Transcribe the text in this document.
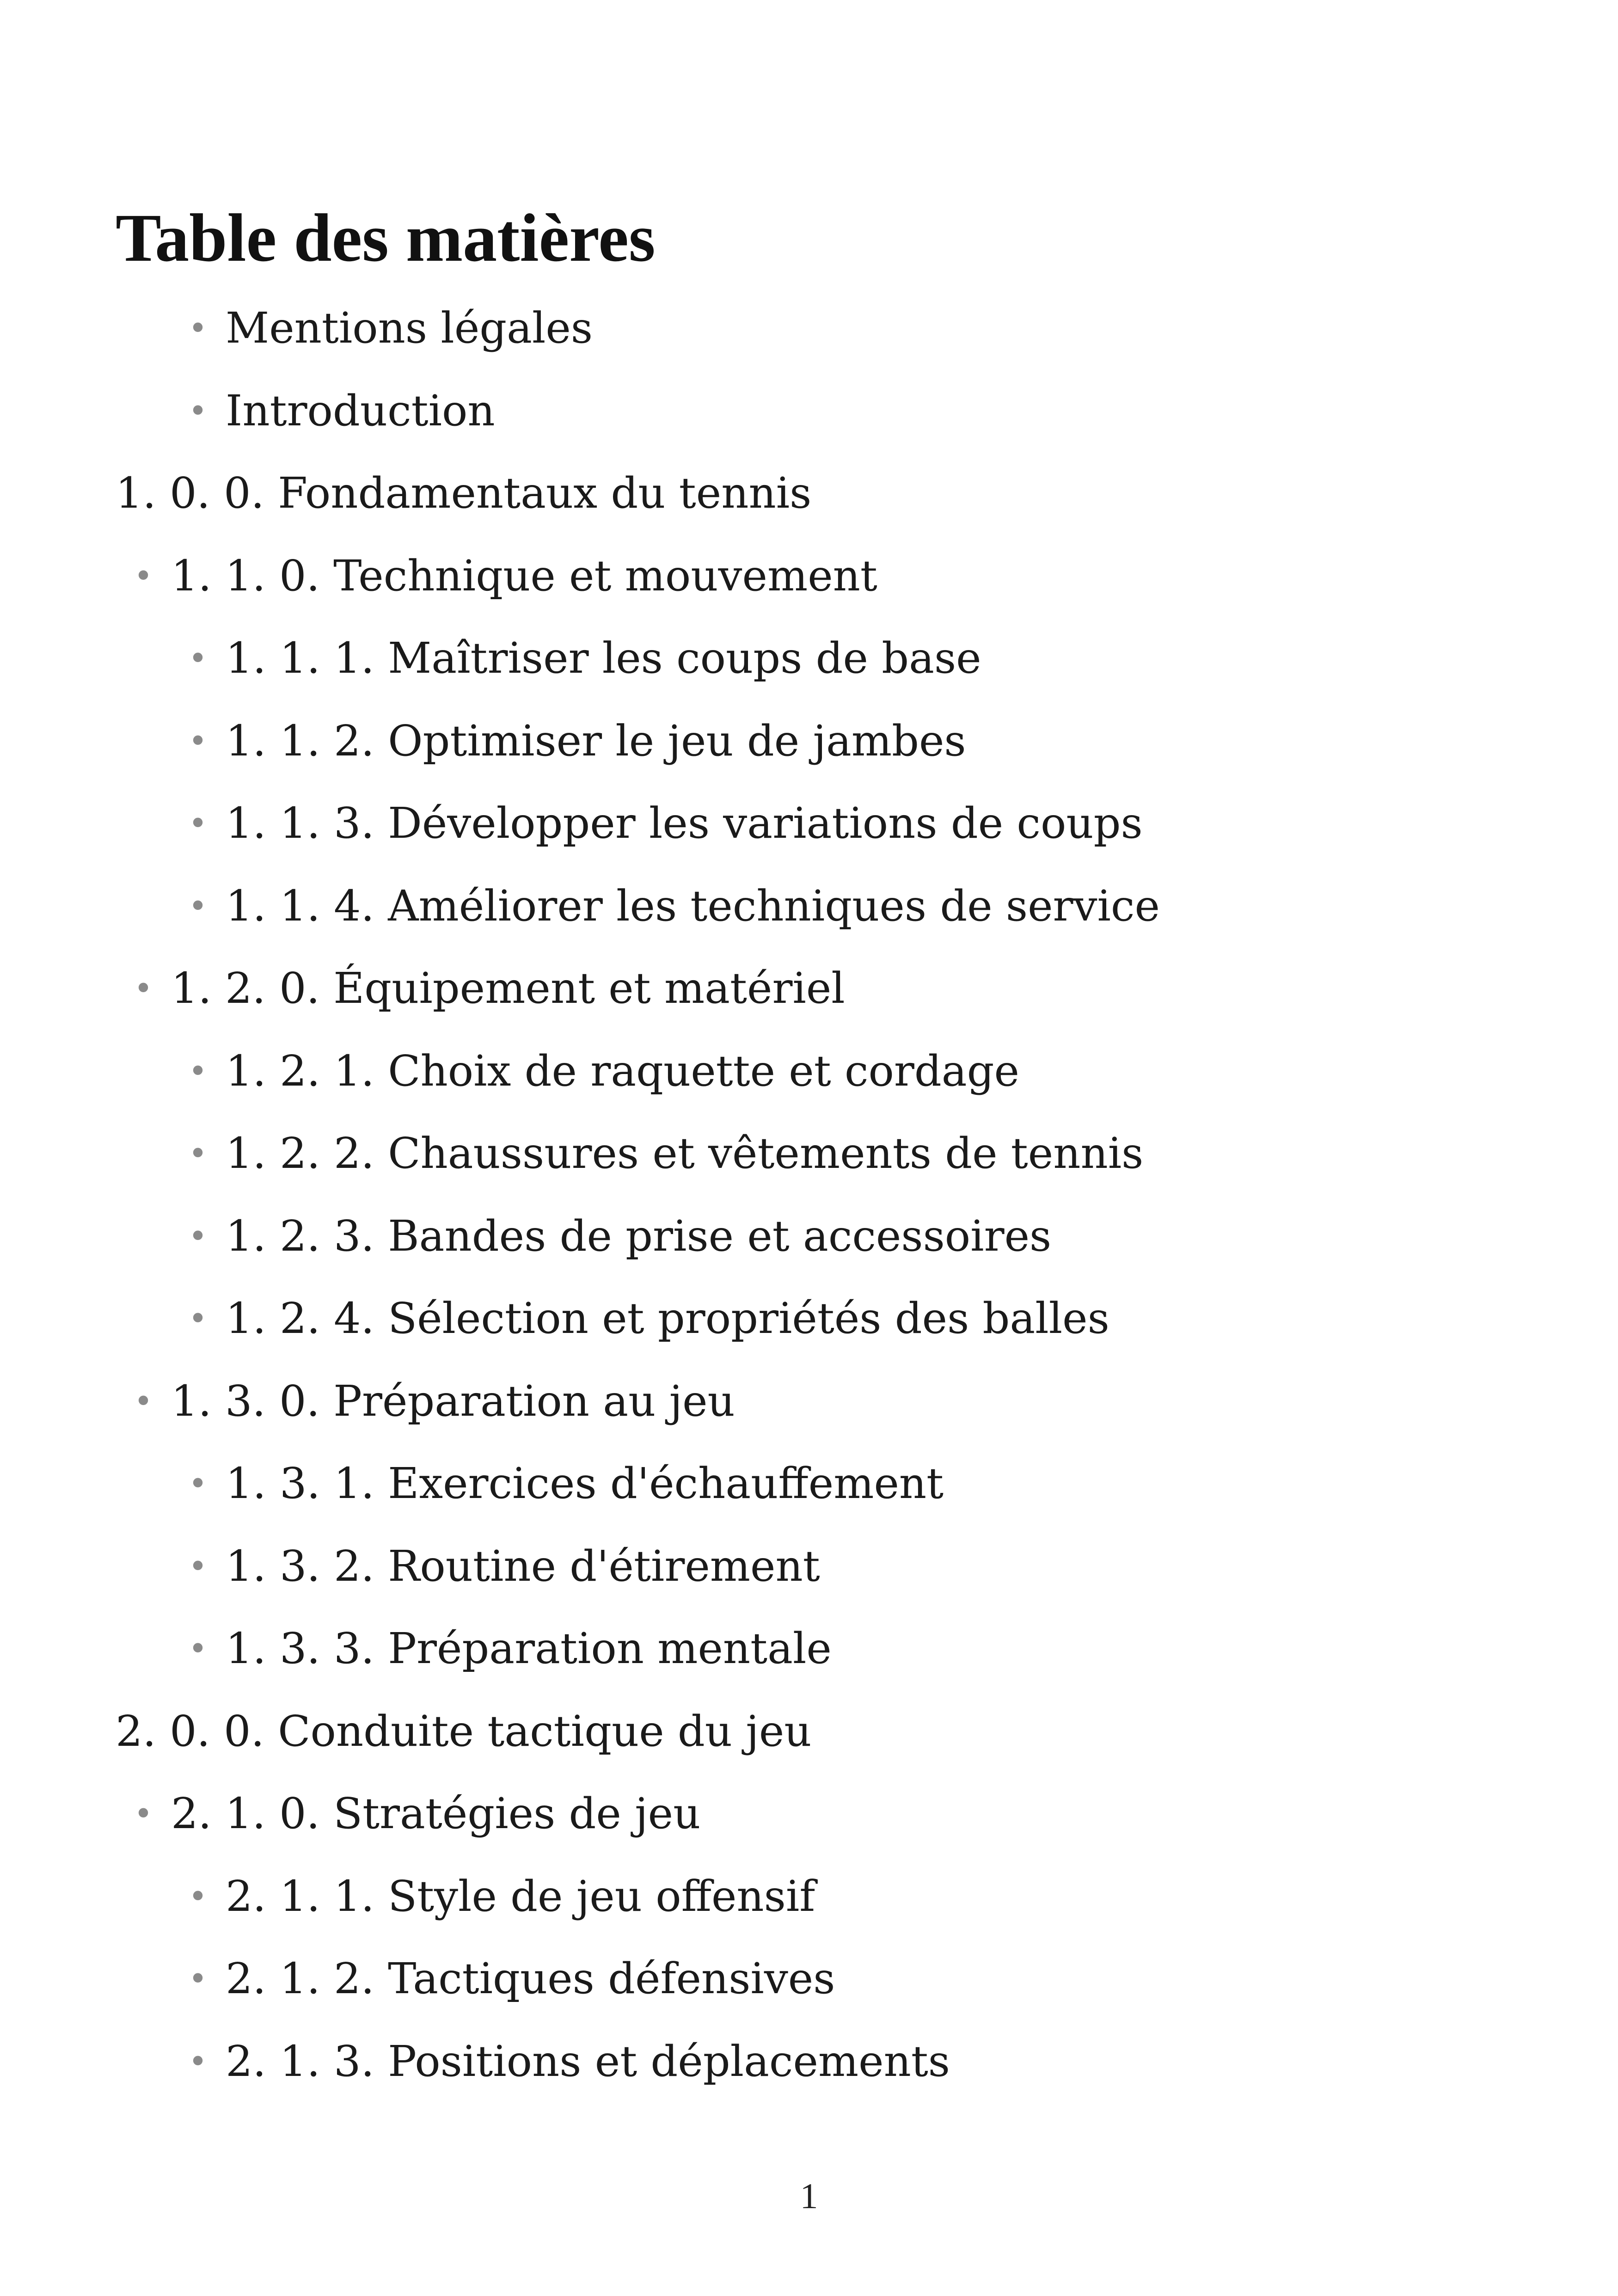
Table des matières
• Mentions légales
• Introduction
1. 0. 0. Fondamentaux du tennis
• 1. 1. 0. Technique et mouvement
• 1. 1. 1. Maîtriser les coups de base
• 1. 1. 2. Optimiser le jeu de jambes
• 1. 1. 3. Développer les variations de coups
• 1. 1. 4. Améliorer les techniques de service
• 1. 2. 0. Équipement et matériel
• 1. 2. 1. Choix de raquette et cordage
• 1. 2. 2. Chaussures et vêtements de tennis
• 1. 2. 3. Bandes de prise et accessoires
• 1. 2. 4. Sélection et propriétés des balles
• 1. 3. 0. Préparation au jeu
• 1. 3. 1. Exercices d'échauffement
• 1. 3. 2. Routine d'étirement
• 1. 3. 3. Préparation mentale
2. 0. 0. Conduite tactique du jeu
• 2. 1. 0. Stratégies de jeu
• 2. 1. 1. Style de jeu offensif
• 2. 1. 2. Tactiques défensives
• 2. 1. 3. Positions et déplacements
1
